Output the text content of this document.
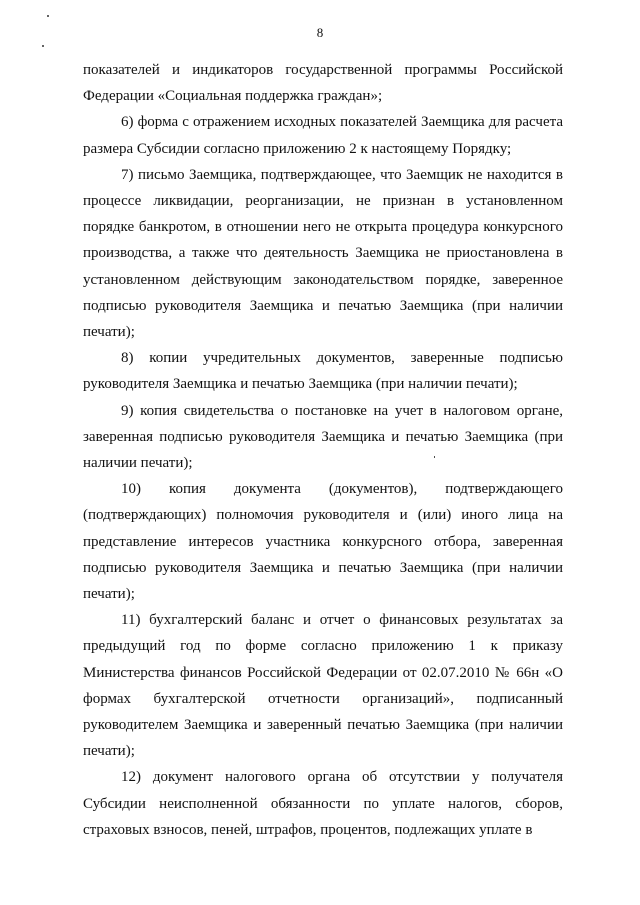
8

показателей и индикаторов государственной программы Российской Федерации «Социальная поддержка граждан»;

6) форма с отражением исходных показателей Заемщика для расчета размера Субсидии согласно приложению 2 к настоящему Порядку;

7) письмо Заемщика, подтверждающее, что Заемщик не находится в процессе ликвидации, реорганизации, не признан в установленном порядке банкротом, в отношении него не открыта процедура конкурсного производства, а также что деятельность Заемщика не приостановлена в установленном действующим законодательством порядке, заверенное подписью руководителя Заемщика и печатью Заемщика (при наличии печати);

8) копии учредительных документов, заверенные подписью руководителя Заемщика и печатью Заемщика (при наличии печати);

9) копия свидетельства о постановке на учет в налоговом органе, заверенная подписью руководителя Заемщика и печатью Заемщика (при наличии печати);

10) копия документа (документов), подтверждающего (подтверждающих) полномочия руководителя и (или) иного лица на представление интересов участника конкурсного отбора, заверенная подписью руководителя Заемщика и печатью Заемщика (при наличии печати);

11) бухгалтерский баланс и отчет о финансовых результатах за предыдущий год по форме согласно приложению 1 к приказу Министерства финансов Российской Федерации от 02.07.2010 № 66н «О формах бухгалтерской отчетности организаций», подписанный руководителем Заемщика и заверенный печатью Заемщика (при наличии печати);

12) документ налогового органа об отсутствии у получателя Субсидии неисполненной обязанности по уплате налогов, сборов, страховых взносов, пеней, штрафов, процентов, подлежащих уплате в
